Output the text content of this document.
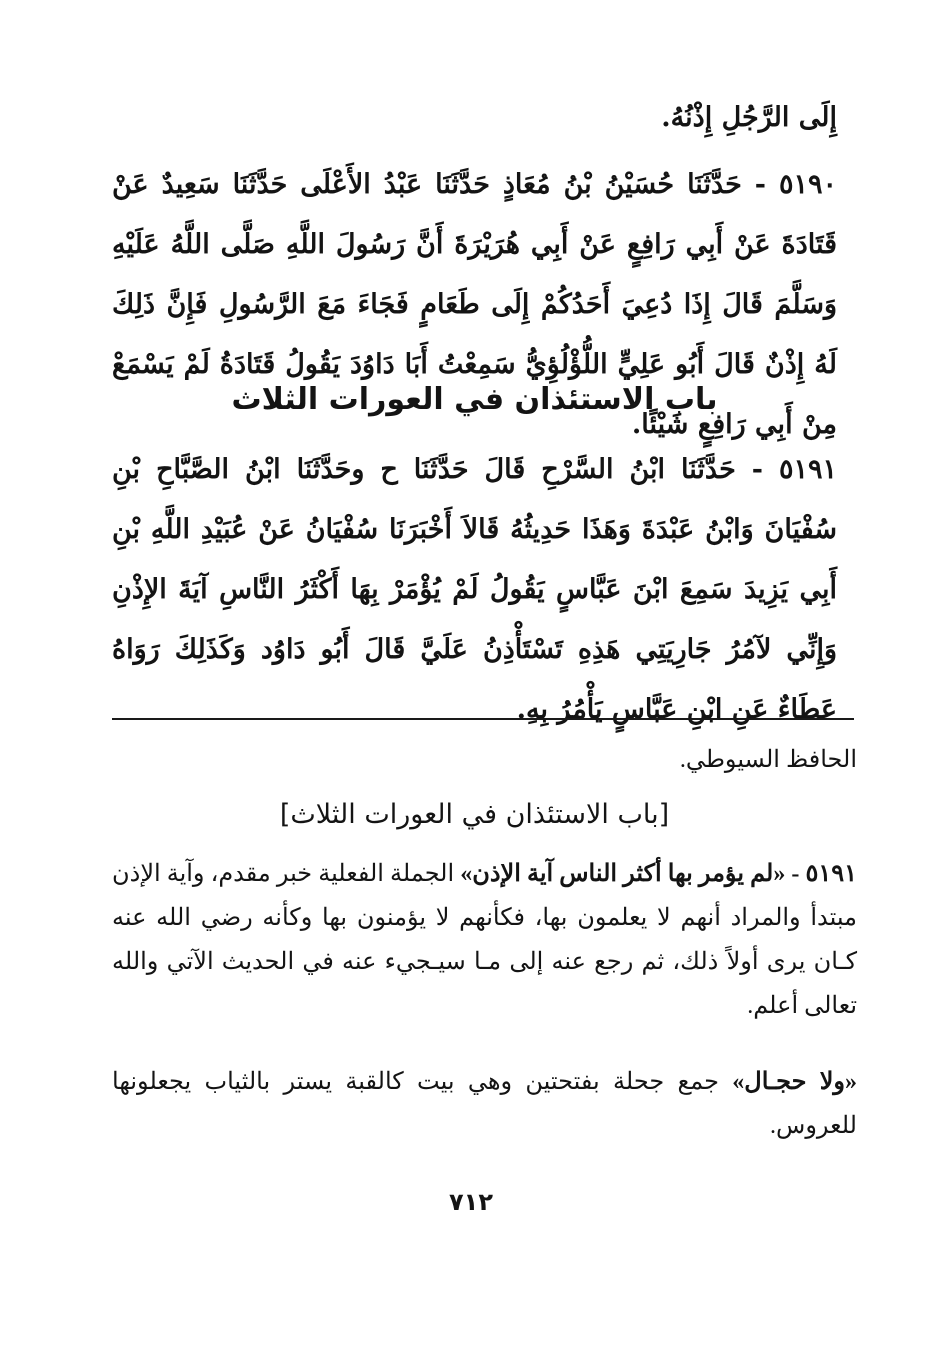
إِلَى الرَّجُلِ إِذْنُهُ.
٥١٩٠ - حَدَّثَنَا حُسَيْنُ بْنُ مُعَاذٍ حَدَّثَنَا عَبْدُ الأَعْلَى حَدَّثَنَا سَعِيدٌ عَنْ قَتَادَةَ عَنْ أَبِي رَافِعٍ عَنْ أَبِي هُرَيْرَةَ أَنَّ رَسُولَ اللَّهِ صَلَّى اللَّهُ عَلَيْهِ وَسَلَّمَ قَالَ إِذَا دُعِيَ أَحَدُكُمْ إِلَى طَعَامٍ فَجَاءَ مَعَ الرَّسُولِ فَإِنَّ ذَلِكَ لَهُ إِذْنٌ قَالَ أَبُو عَلِيٍّ اللُّؤْلُؤِيُّ سَمِعْتُ أَبَا دَاوُدَ يَقُولُ قَتَادَةُ لَمْ يَسْمَعْ مِنْ أَبِي رَافِعٍ شَيْئًا.
باب الاستئذان في العورات الثلاث
٥١٩١ - حَدَّثَنَا ابْنُ السَّرْحِ قَالَ حَدَّثَنَا ح وحَدَّثَنَا ابْنُ الصَّبَّاحِ بْنِ سُفْيَانَ وَابْنُ عَبْدَةَ وَهَذَا حَدِيثُهُ قَالاَ أَخْبَرَنَا سُفْيَانُ عَنْ عُبَيْدِ اللَّهِ بْنِ أَبِي يَزِيدَ سَمِعَ ابْنَ عَبَّاسٍ يَقُولُ لَمْ يُؤْمَرْ بِهَا أَكْثَرُ النَّاسِ آيَةَ الإِذْنِ وَإِنِّي لآمُرُ جَارِيَتِي هَذِهِ تَسْتَأْذِنُ عَلَيَّ قَالَ أَبُو دَاوُد وَكَذَلِكَ رَوَاهُ عَطَاءٌ عَنِ ابْنِ عَبَّاسٍ يَأْمُرُ بِهِ.
الحافظ السيوطي.
[باب الاستئذان في العورات الثلاث]
٥١٩١ - «لم يؤمر بها أكثر الناس آية الإذن» الجملة الفعلية خبر مقدم، وآية الإذن مبتدأ والمراد أنهم لا يعلمون بها، فكأنهم لا يؤمنون بها وكأنه رضي الله عنه كـان يرى أولاً ذلك، ثم رجع عنه إلى مـا سيـجيء عنه في الحديث الآتي والله تعالى أعلم.
«ولا حجـال» جمع جحلة بفتحتين وهي بيت كالقبة يستر بالثياب يجعلونها للعروس.
٧١٢
